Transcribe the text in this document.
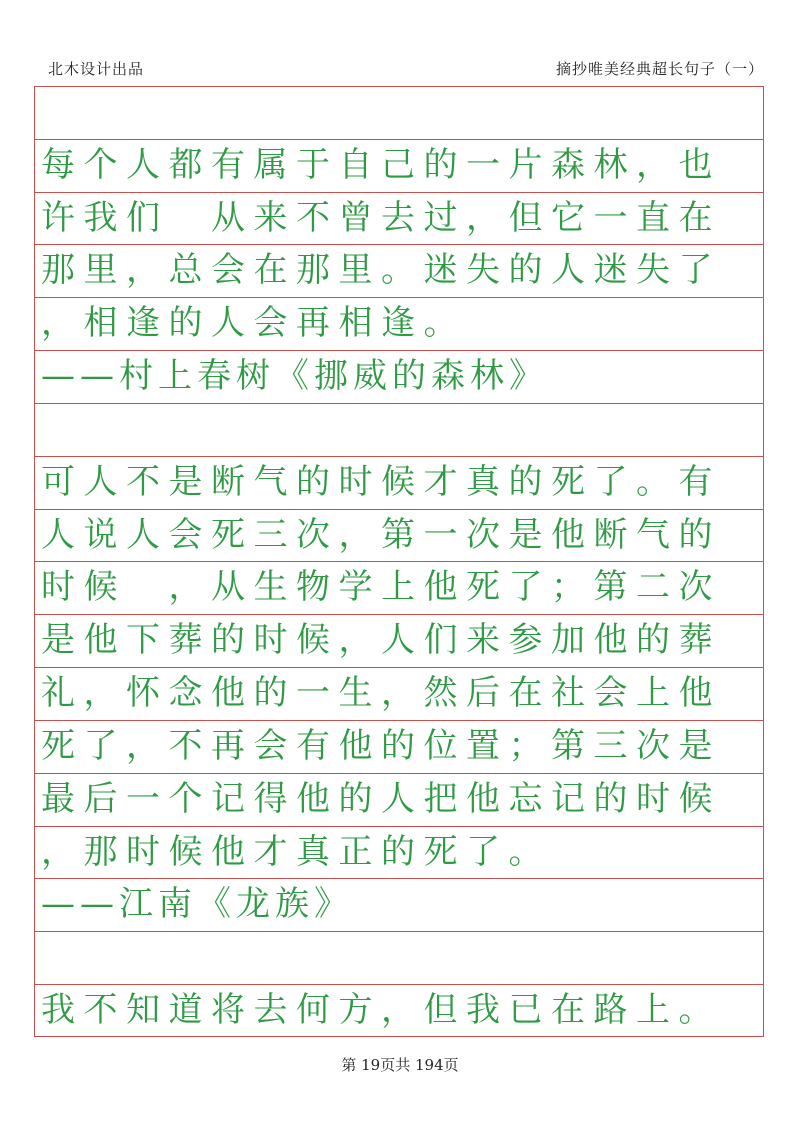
北木设计出品	摘抄唯美经典超长句子（一）
每个人都有属于自己的一片森林，也
许我们　从来不曾去过，但它一直在
那里，总会在那里。迷失的人迷失了
，相逢的人会再相逢。
——村上春树《挪威的森林》
可人不是断气的时候才真的死了。有
人说人会死三次，第一次是他断气的
时候　，从生物学上他死了；第二次
是他下葬的时候，人们来参加他的葬
礼，怀念他的一生，然后在社会上他
死了，不再会有他的位置；第三次是
最后一个记得他的人把他忘记的时候
，那时候他才真正的死了。
——江南《龙族》
我不知道将去何方，但我已在路上。
第 19页共 194页
